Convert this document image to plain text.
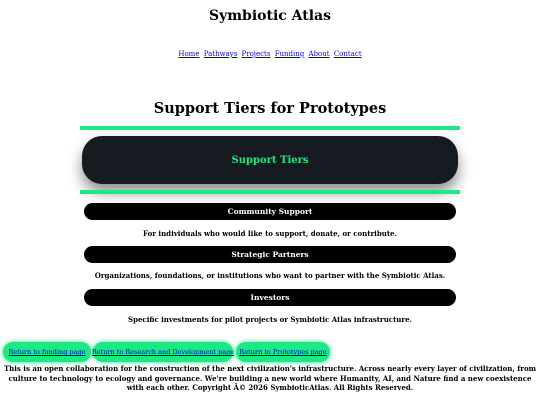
Symbiotic Atlas
Home Pathways Projects Funding About Contact
Support Tiers for Prototypes
Support Tiers
Community Support
For individuals who would like to support, donate, or contribute.
Strategic Partners
Organizations, foundations, or institutions who want to partner with the Symbiotic Atlas.
Investors
Specific investments for pilot projects or Symbiotic Atlas infrastructure.
Return to funding page Return to Research and Development page Return to Prototypes page
This is an open collaboration for the construction of the next civilization's infrastructure. Across nearly every layer of civilization, from culture to technology to ecology and governance. We're building a new world where Humanity, AI, and Nature find a new coexistence with each other. Copyright Â© 2026 SymbioticAtlas. All Rights Reserved.
